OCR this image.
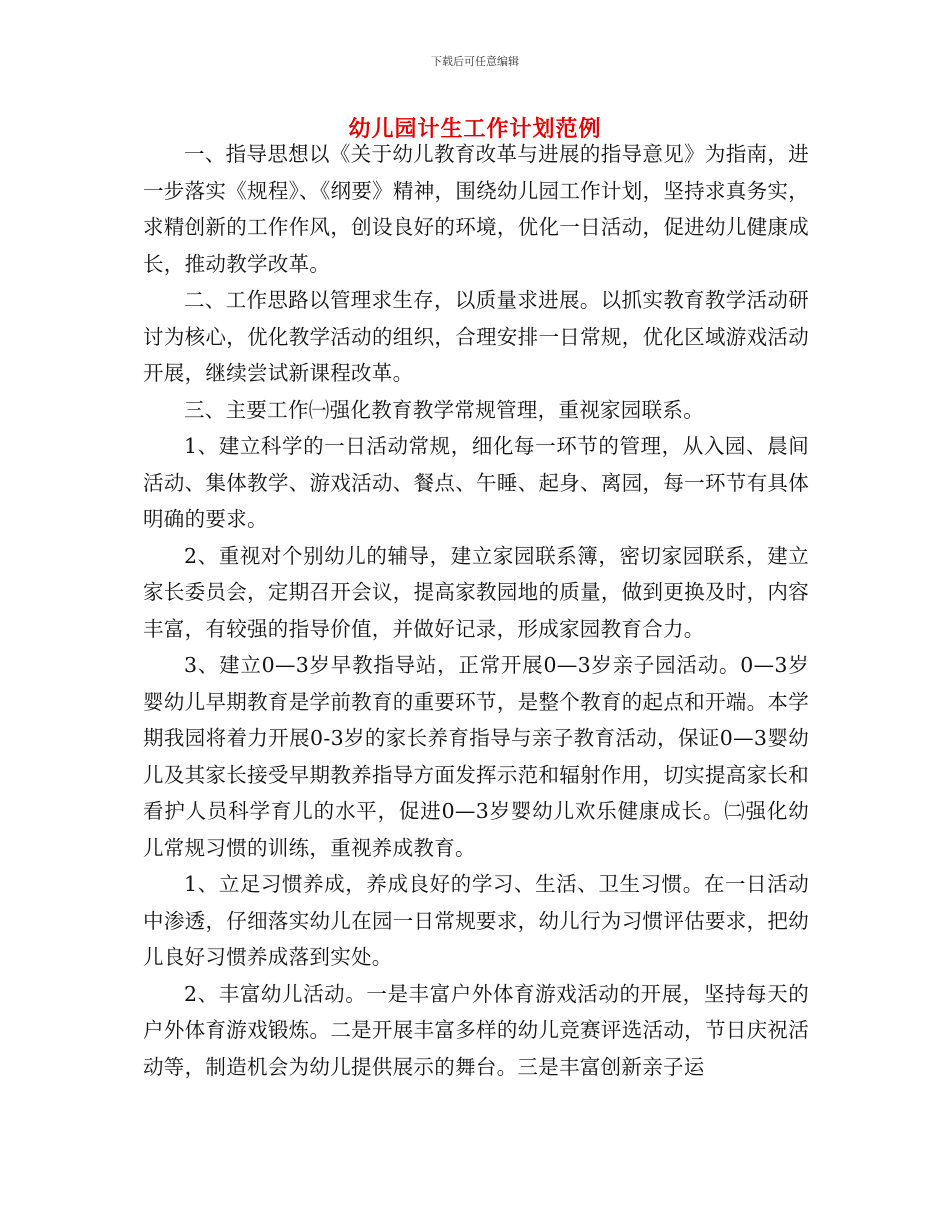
下载后可任意编辑
幼儿园计生工作计划范例

一、指导思想以《关于幼儿教育改革与进展的指导意见》为指南，进一步落实《规程》、《纲要》精神，围绕幼儿园工作计划，坚持求真务实，求精创新的工作作风，创设良好的环境，优化一日活动，促进幼儿健康成长，推动教学改革。

二、工作思路以管理求生存，以质量求进展。以抓实教育教学活动研讨为核心，优化教学活动的组织，合理安排一日常规，优化区域游戏活动开展，继续尝试新课程改革。

三、主要工作㈠强化教育教学常规管理，重视家园联系。

1、建立科学的一日活动常规，细化每一环节的管理，从入园、晨间活动、集体教学、游戏活动、餐点、午睡、起身、离园，每一环节有具体明确的要求。

2、重视对个别幼儿的辅导，建立家园联系簿，密切家园联系，建立家长委员会，定期召开会议，提高家教园地的质量，做到更换及时，内容丰富，有较强的指导价值，并做好记录，形成家园教育合力。

3、建立0—3岁早教指导站，正常开展0—3岁亲子园活动。0—3岁婴幼儿早期教育是学前教育的重要环节，是整个教育的起点和开端。本学期我园将着力开展0-3岁的家长养育指导与亲子教育活动，保证0—3婴幼儿及其家长接受早期教养指导方面发挥示范和辐射作用，切实提高家长和看护人员科学育儿的水平，促进0—3岁婴幼儿欢乐健康成长。㈡强化幼儿常规习惯的训练，重视养成教育。

1、立足习惯养成，养成良好的学习、生活、卫生习惯。在一日活动中渗透，仔细落实幼儿在园一日常规要求，幼儿行为习惯评估要求，把幼儿良好习惯养成落到实处。

2、丰富幼儿活动。一是丰富户外体育游戏活动的开展，坚持每天的户外体育游戏锻炼。二是开展丰富多样的幼儿竞赛评选活动，节日庆祝活动等，制造机会为幼儿提供展示的舞台。三是丰富创新亲子运
